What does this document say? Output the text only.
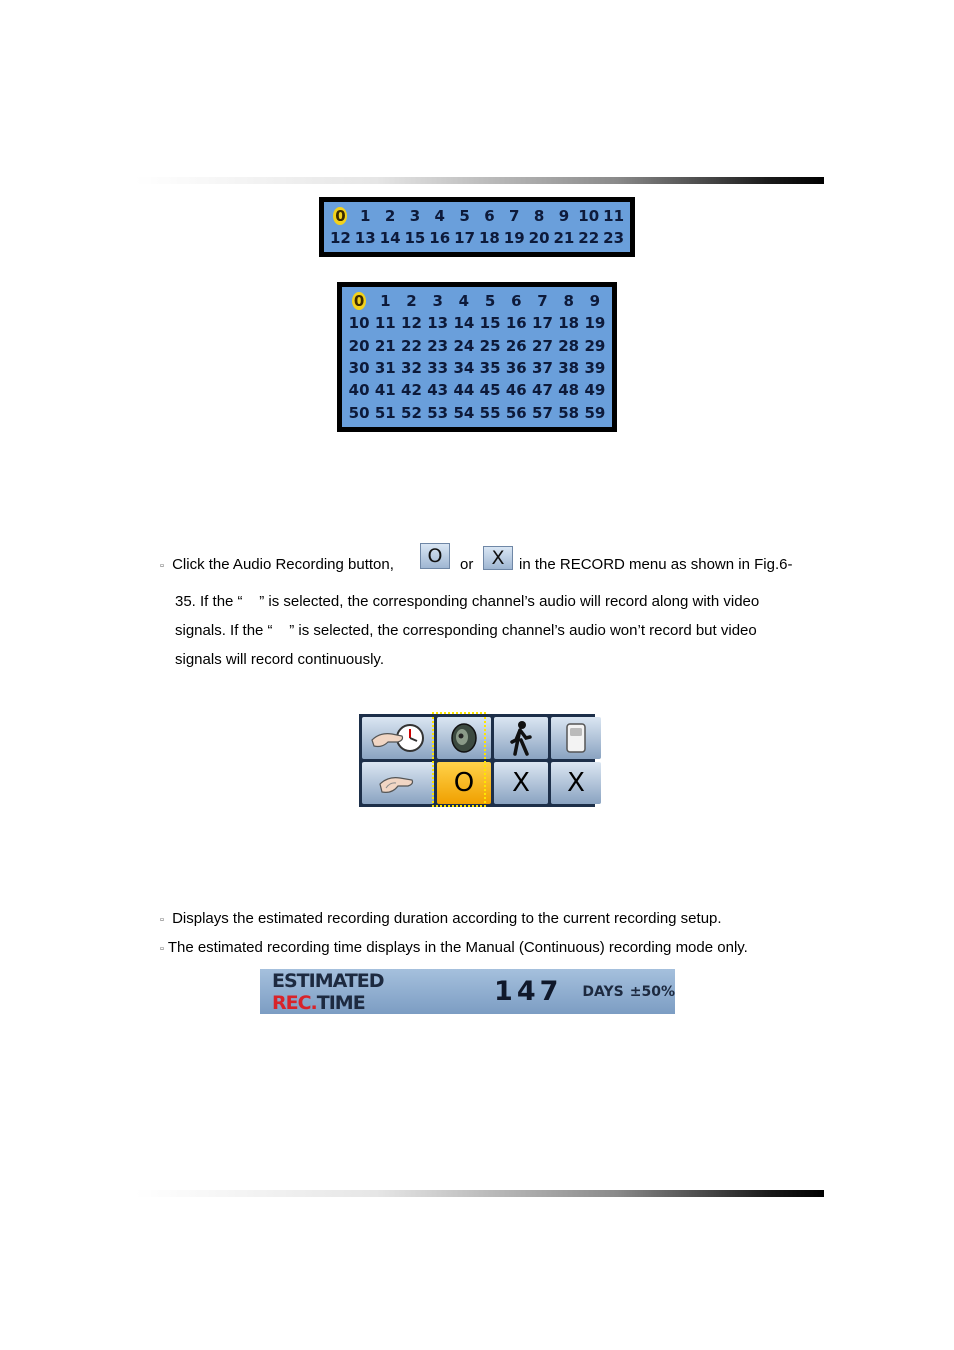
0 1 2 3 4 5 6 7 8 9 10 11
12 13 14 15 16 17 18 19 20 21 22 23
0 1 2 3 4 5 6 7 8 9
10 11 12 13 14 15 16 17 18 19
20 21 22 23 24 25 26 27 28 29
30 31 32 33 34 35 36 37 38 39
40 41 42 43 44 45 46 47 48 49
50 51 52 53 54 55 56 57 58 59
▫ Click the Audio Recording button, O or X in the RECORD menu as shown in Fig.6-
35. If the “    ” is selected, the corresponding channel’s audio will record along with video
signals. If the “    ” is selected, the corresponding channel’s audio won’t record but video
signals will record continuously.
O X X
▫ Displays the estimated recording duration according to the current recording setup.
▫ The estimated recording time displays in the Manual (Continuous) recording mode only.
ESTIMATED REC.TIME	147 DAYS ±50%
